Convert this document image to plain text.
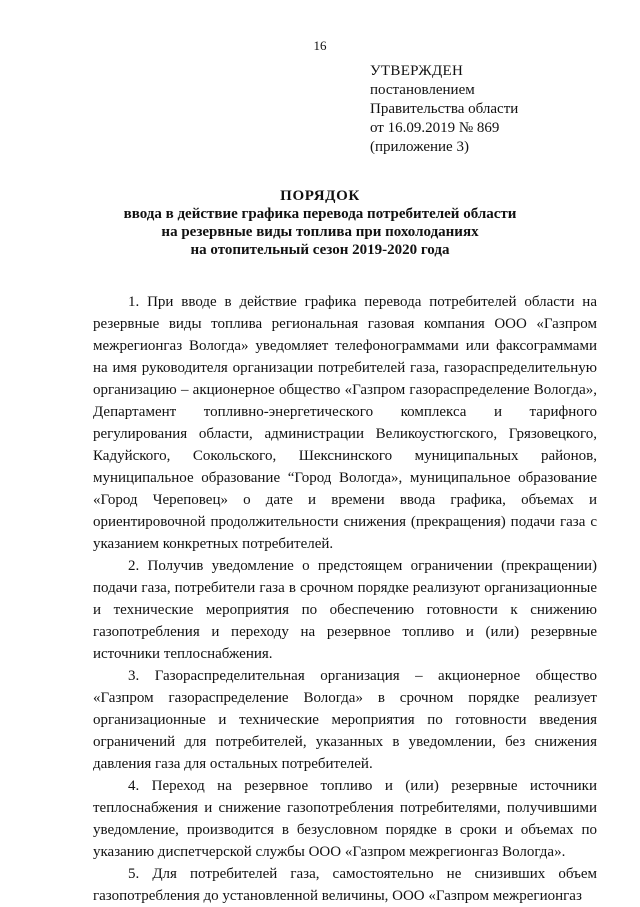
16
УТВЕРЖДЕН
постановлением
Правительства области
от 16.09.2019 № 869
(приложение 3)
ПОРЯДОК
ввода в действие графика перевода потребителей области
на резервные виды топлива при похолоданиях
на отопительный сезон 2019-2020 года

1. При вводе в действие графика перевода потребителей области на резервные виды топлива региональная газовая компания ООО «Газпром межрегионгаз Вологда» уведомляет телефонограммами или факсограммами на имя руководителя организации потребителей газа, газораспределительную организацию – акционерное общество «Газпром газораспределение Вологда», Департамент топливно-энергетического комплекса и тарифного регулирования области, администрации Великоустюгского, Грязовецкого, Кадуйского, Сокольского, Шекснинского муниципальных районов, муниципальное образование “Город Вологда», муниципальное образование «Город Череповец» о дате и времени ввода графика, объемах и ориентировочной продолжительности снижения (прекращения) подачи газа с указанием конкретных потребителей.

2. Получив уведомление о предстоящем ограничении (прекращении) подачи газа, потребители газа в срочном порядке реализуют организационные и технические мероприятия по обеспечению готовности к снижению газопотребления и переходу на резервное топливо и (или) резервные источники теплоснабжения.

3. Газораспределительная организация – акционерное общество «Газпром газораспределение Вологда» в срочном порядке реализует организационные и технические мероприятия по готовности введения ограничений для потребителей, указанных в уведомлении, без снижения давления газа для остальных потребителей.

4. Переход на резервное топливо и (или) резервные источники теплоснабжения и снижение газопотребления потребителями, получившими уведомление, производится в безусловном порядке в сроки и объемах по указанию диспетчерской службы ООО «Газпром межрегионгаз Вологда».

5. Для потребителей газа, самостоятельно не снизивших объем газопотребления до установленной величины, ООО «Газпром межрегионгаз
